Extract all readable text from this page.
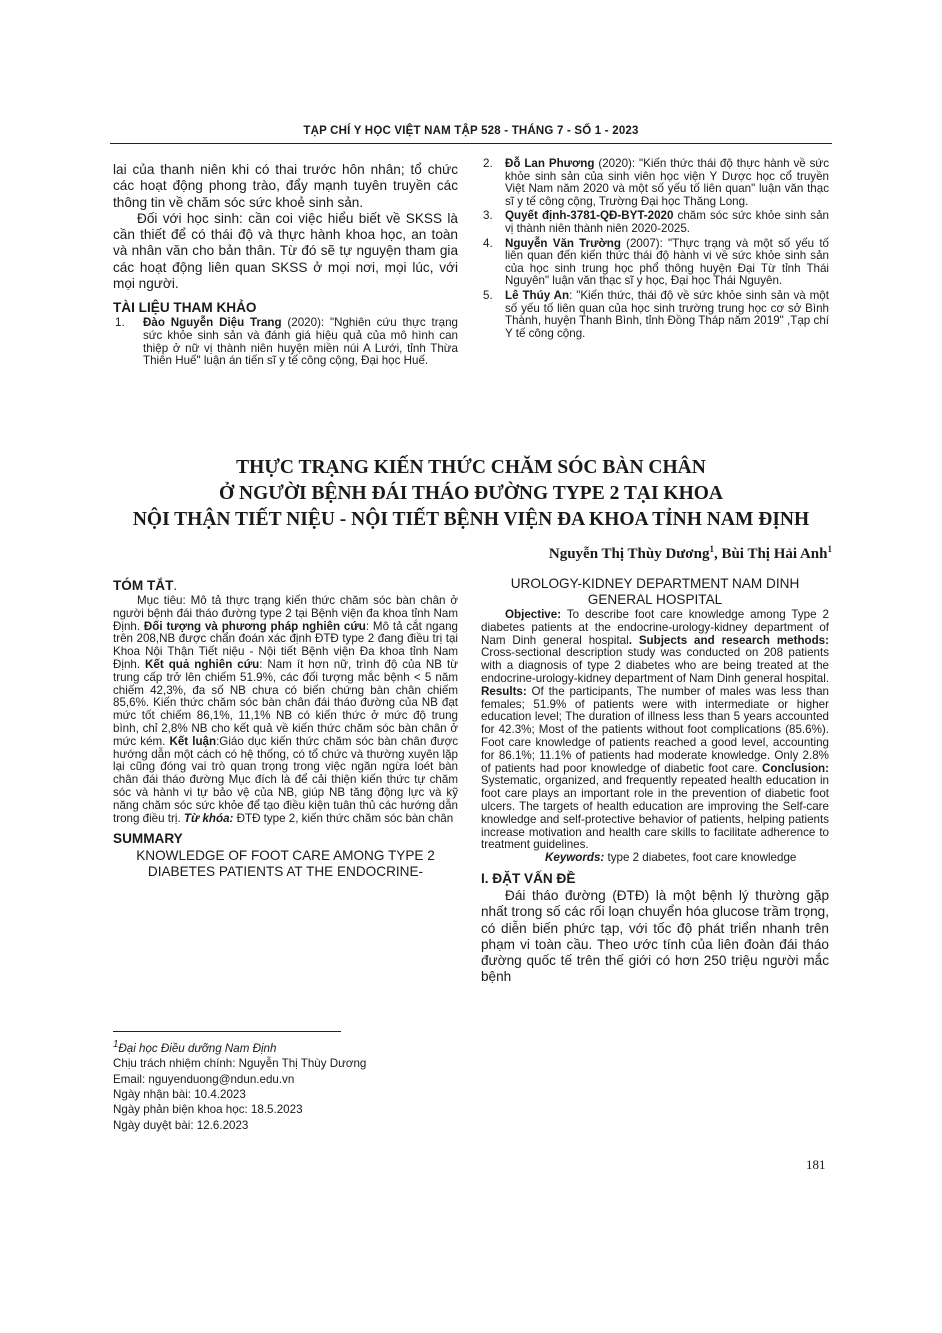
TẠP CHÍ Y HỌC VIỆT NAM TẬP 528 - THÁNG 7 - SỐ 1 - 2023

lai của thanh niên khi có thai trước hôn nhân; tổ chức các hoạt động phong trào, đẩy mạnh tuyên truyền các thông tin về chăm sóc sức khoẻ sinh sản.

Đối với học sinh: cần coi việc hiểu biết về SKSS là cần thiết để có thái độ và thực hành khoa học, an toàn và nhân văn cho bản thân. Từ đó sẽ tự nguyện tham gia các hoạt động liên quan SKSS ở mọi nơi, mọi lúc, với mọi người.

TÀI LIỆU THAM KHẢO
1.	Đào Nguyễn Diệu Trang (2020): "Nghiên cứu thực trạng sức khỏe sinh sản và đánh giá hiệu quả của mô hình can thiệp ở nữ vị thành niên huyện miền núi A Lưới, tỉnh Thừa Thiên Huế" luận án tiến sĩ y tế công cộng, Đại học Huế.
2.	Đỗ Lan Phương (2020): "Kiến thức thái độ thực hành về sức khỏe sinh sản của sinh viên học viện Y Dược học cổ truyền Việt Nam năm 2020 và một số yếu tố liên quan" luận văn thạc sĩ y tế công cộng, Trường Đại học Thăng Long.
3.	Quyết định-3781-QĐ-BYT-2020 chăm sóc sức khỏe sinh sản vị thành niên thành niên 2020-2025.
4.	Nguyễn Văn Trường (2007): "Thực trạng và một số yếu tố liên quan đến kiến thức thái độ hành vi về sức khỏe sinh sản của học sinh trung học phổ thông huyện Đại Từ tỉnh Thái Nguyên" luận văn thạc sĩ y học, Đại học Thái Nguyên.
5.	Lê Thúy An: "Kiến thức, thái độ về sức khỏe sinh sản và một số yếu tố liên quan của học sinh trường trung học cơ sở Bình Thành, huyện Thanh Bình, tỉnh Đồng Tháp năm 2019" ,Tạp chí Y tế công cộng.
THỰC TRẠNG KIẾN THỨC CHĂM SÓC BÀN CHÂN
Ở NGƯỜI BỆNH ĐÁI THÁO ĐƯỜNG TYPE 2 TẠI KHOA
NỘI THẬN TIẾT NIỆU - NỘI TIẾT BỆNH VIỆN ĐA KHOA TỈNH NAM ĐỊNH
Nguyễn Thị Thùy Dương$^1$, Bùi Thị Hải Anh$^1$
TÓM TẮT.

Mục tiêu: Mô tả thực trạng kiến thức chăm sóc bàn chân ở người bệnh đái tháo đường type 2 tại Bệnh viện đa khoa tỉnh Nam Định. Đối tượng và phương pháp nghiên cứu: Mô tả cắt ngang trên 208,NB được chẩn đoán xác định ĐTĐ type 2 đang điều trị tại Khoa Nội Thận Tiết niệu - Nội tiết Bệnh viện Đa khoa tỉnh Nam Định. Kết quả nghiên cứu: Nam ít hơn nữ, trình độ của NB từ trung cấp trở lên chiếm 51.9%, các đối tượng mắc bệnh < 5 năm chiếm 42,3%, đa số NB chưa có biến chứng bàn chân chiếm 85,6%. Kiến thức chăm sóc bàn chân đái tháo đường của NB đạt mức tốt chiếm 86,1%, 11,1% NB có kiến thức ở mức độ trung bình, chỉ 2,8% NB cho kết quả về kiến thức chăm sóc bàn chân ở mức kém. Kết luận:Giáo dục kiến thức chăm sóc bàn chân được hướng dẫn một cách có hệ thống, có tổ chức và thường xuyên lặp lại cũng đóng vai trò quan trọng trong việc ngăn ngừa loét bàn chân đái tháo đường Mục đích là để cải thiện kiến thức tự chăm sóc và hành vi tự bảo vệ của NB, giúp NB tăng động lực và kỹ năng chăm sóc sức khỏe để tạo điều kiện tuân thủ các hướng dẫn trong điều trị. Từ khóa: ĐTĐ type 2, kiến thức chăm sóc bàn chân

SUMMARY
KNOWLEDGE OF FOOT CARE AMONG TYPE 2 DIABETES PATIENTS AT THE ENDOCRINE-
UROLOGY-KIDNEY DEPARTMENT NAM DINH GENERAL HOSPITAL

Objective: To describe foot care knowledge among Type 2 diabetes patients at the endocrine-urology-kidney department of Nam Dinh general hospital. Subjects and research methods: Cross-sectional description study was conducted on 208 patients with a diagnosis of type 2 diabetes who are being treated at the endocrine-urology-kidney department of Nam Dinh general hospital. Results: Of the participants, The number of males was less than females; 51.9% of patients were with intermediate or higher education level; The duration of illness less than 5 years accounted for 42.3%; Most of the patients without foot complications (85.6%). Foot care knowledge of patients reached a good level, accounting for 86.1%; 11.1% of patients had moderate knowledge. Only 2.8% of patients had poor knowledge of diabetic foot care. Conclusion: Systematic, organized, and frequently repeated health education in foot care plays an important role in the prevention of diabetic foot ulcers. The targets of health education are improving the Self-care knowledge and self-protective behavior of patients, helping patients increase motivation and health care skills to facilitate adherence to treatment guidelines.

Keywords: type 2 diabetes, foot care knowledge

I. ĐẶT VẤN ĐỀ

Đái tháo đường (ĐTĐ) là một bệnh lý thường gặp nhất trong số các rối loạn chuyển hóa glucose trầm trọng, có diễn biến phức tạp, với tốc độ phát triển nhanh trên phạm vi toàn cầu. Theo ước tính của liên đoàn đái tháo đường quốc tế trên thế giới có hơn 250 triệu người mắc bệnh

$^1$Đại học Điều dưỡng Nam Định
Chịu trách nhiệm chính: Nguyễn Thị Thùy Dương
Email: nguyenduong@ndun.edu.vn
Ngày nhận bài: 10.4.2023
Ngày phản biện khoa học: 18.5.2023
Ngày duyệt bài: 12.6.2023
181
